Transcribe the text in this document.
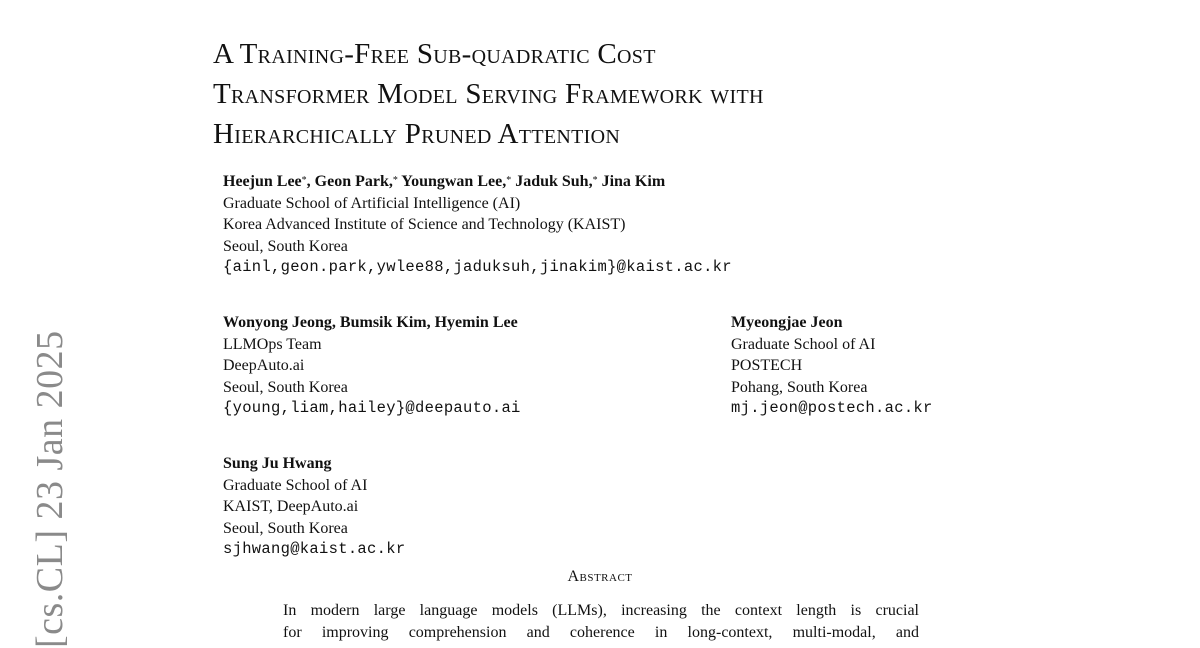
[cs.CL] 23 Jan 2025
A Training-Free Sub-quadratic Cost
Transformer Model Serving Framework with
Hierarchically Pruned Attention
Heejun Lee*, Geon Park,* Youngwan Lee,* Jaduk Suh,* Jina Kim
Graduate School of Artificial Intelligence (AI)
Korea Advanced Institute of Science and Technology (KAIST)
Seoul, South Korea
{ainl,geon.park,ywlee88,jaduksuh,jinakim}@kaist.ac.kr
Wonyong Jeong, Bumsik Kim, Hyemin Lee
LLMOps Team
DeepAuto.ai
Seoul, South Korea
{young,liam,hailey}@deepauto.ai
Myeongjae Jeon
Graduate School of AI
POSTECH
Pohang, South Korea
mj.jeon@postech.ac.kr
Sung Ju Hwang
Graduate School of AI
KAIST, DeepAuto.ai
Seoul, South Korea
sjhwang@kaist.ac.kr
Abstract

In modern large language models (LLMs), increasing the context length is crucial
for improving comprehension and coherence in long-context, multi-modal, and
